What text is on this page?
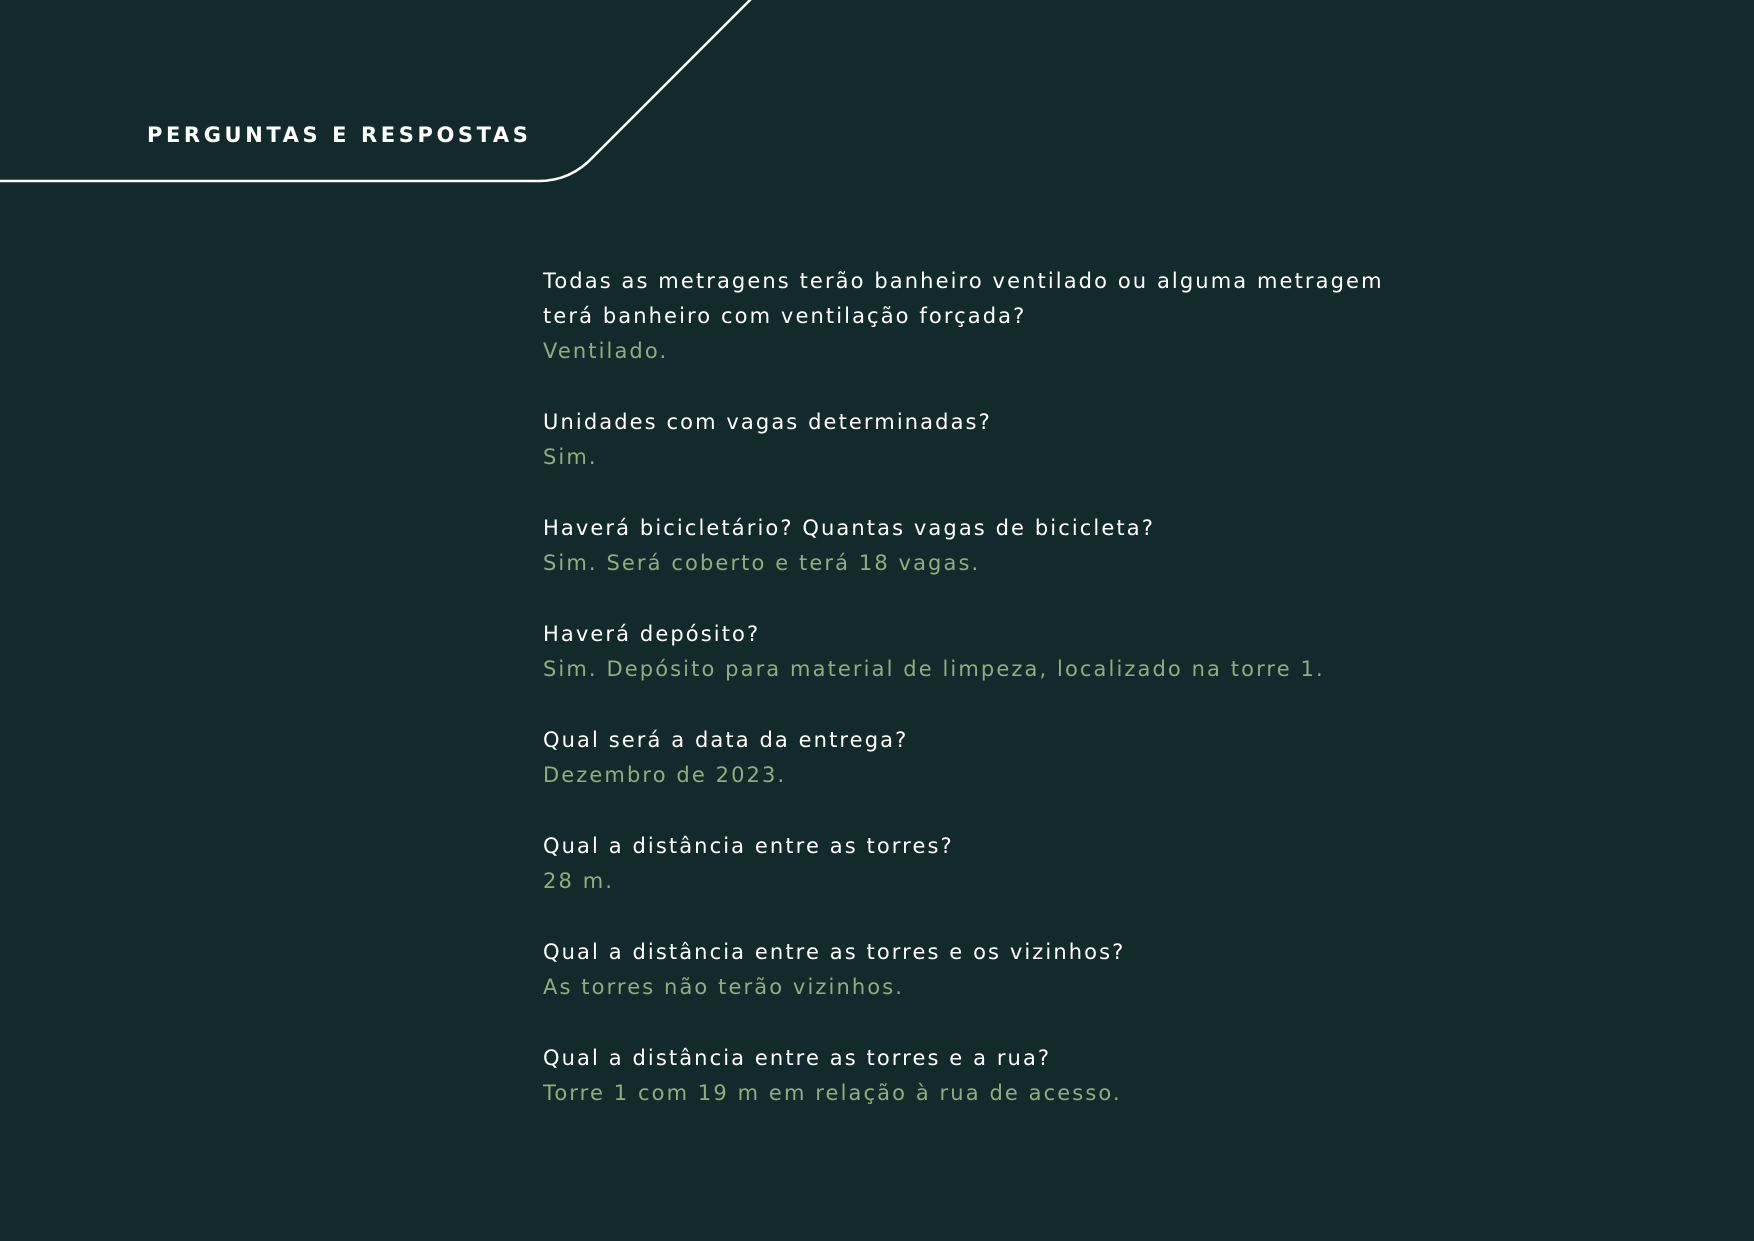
PERGUNTAS E RESPOSTAS

Todas as metragens terão banheiro ventilado ou alguma metragem

terá banheiro com ventilação forçada?

Ventilado.

Unidades com vagas determinadas?

Sim.

Haverá bicicletário? Quantas vagas de bicicleta?

Sim. Será coberto e terá 18 vagas.

Haverá depósito?

Sim. Depósito para material de limpeza, localizado na torre 1.

Qual será a data da entrega?

Dezembro de 2023.

Qual a distância entre as torres?

28 m.

Qual a distância entre as torres e os vizinhos?

As torres não terão vizinhos.

Qual a distância entre as torres e a rua?

Torre 1 com 19 m em relação à rua de acesso.
